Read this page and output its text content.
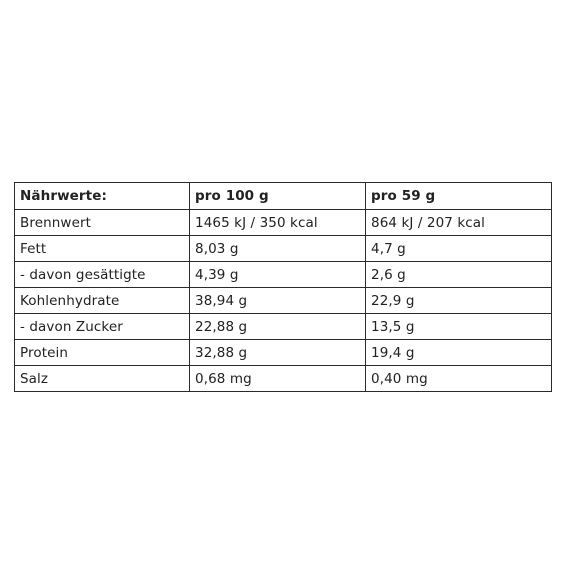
Nährwerte:	pro 100 g	pro 59 g
Brennwert	1465 kJ / 350 kcal	864 kJ / 207 kcal
Fett	8,03 g	4,7 g
- davon gesättigte	4,39 g	2,6 g
Kohlenhydrate	38,94 g	22,9 g
- davon Zucker	22,88 g	13,5 g
Protein	32,88 g	19,4 g
Salz	0,68 mg	0,40 mg
